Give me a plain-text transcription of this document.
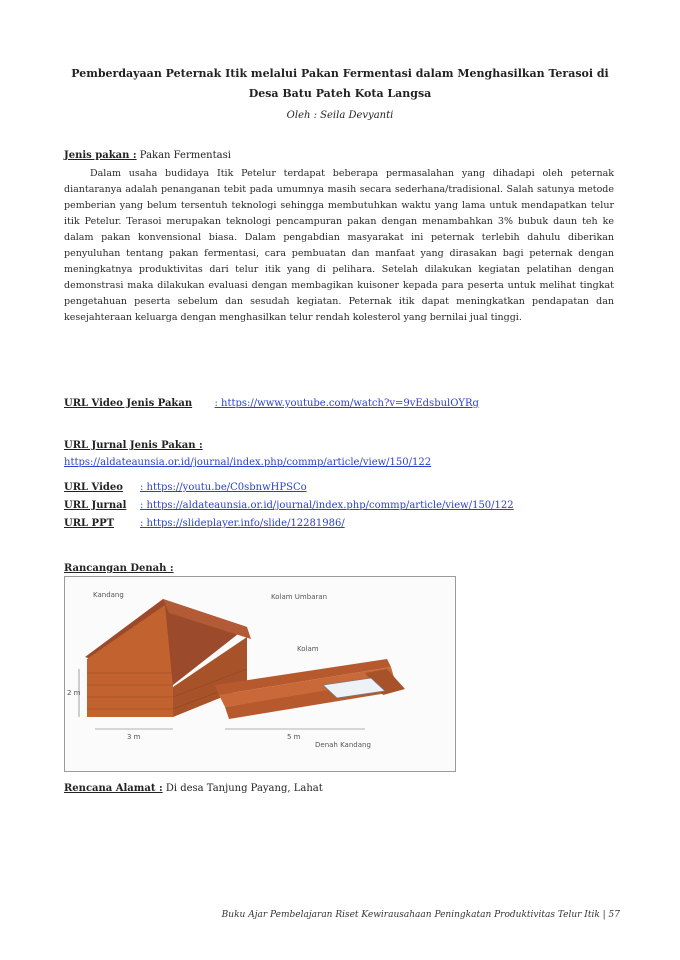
Pemberdayaan Peternak Itik melalui Pakan Fermentasi dalam Menghasilkan Terasoi di
Desa Batu Pateh Kota Langsa
Oleh : Seila Devyanti
Jenis pakan : Pakan Fermentasi
Dalam usaha budidaya Itik Petelur terdapat beberapa permasalahan yang dihadapi oleh peternak diantaranya adalah penanganan tebit pada umumnya masih secara sederhana/tradisional. Salah satunya metode pemberian yang belum tersentuh teknologi sehingga membutuhkan waktu yang lama untuk mendapatkan telur itik Petelur. Terasoi merupakan teknologi pencampuran pakan dengan menambahkan 3% bubuk daun teh ke dalam pakan konvensional biasa. Dalam pengabdian masyarakat ini peternak terlebih dahulu diberikan penyuluhan tentang pakan fermentasi, cara pembuatan dan manfaat yang dirasakan bagi peternak dengan meningkatnya produktivitas dari telur itik yang di pelihara. Setelah dilakukan kegiatan pelatihan dengan demonstrasi maka dilakukan evaluasi dengan membagikan kuisoner kepada para peserta untuk melihat tingkat pengetahuan peserta sebelum dan sesudah kegiatan. Peternak itik dapat meningkatkan pendapatan dan kesejahteraan keluarga dengan menghasilkan telur rendah kolesterol yang bernilai jual tinggi.
URL Video Jenis Pakan : https://www.youtube.com/watch?v=9vEdsbulOYRg
URL Jurnal Jenis Pakan :
https://aldateaunsia.or.id/journal/index.php/commp/article/view/150/122
URL Video : https://youtu.be/C0sbnwHPSCo
URL Jurnal : https://aldateaunsia.or.id/journal/index.php/commp/article/view/150/122
URL PPT	: https://slideplayer.info/slide/12281986/
Rancangan Denah :
Kandang	Kolam Umbaran
Kolam
2 m
3 m	5 m
Denah Kandang
Rencana Alamat : Di desa Tanjung Payang, Lahat
Buku Ajar Pembelajaran Riset Kewirausahaan Peningkatan Produktivitas Telur Itik | 57
